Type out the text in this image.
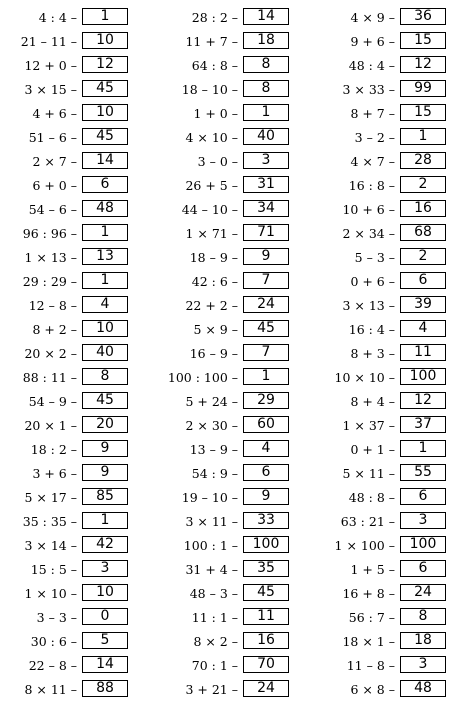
4 : 4 –	1
21 – 11 –	10
12 + 0 –	12
3 × 15 –	45
4 + 6 –	10
51 – 6 –	45
2 × 7 –	14
6 + 0 –	6
54 – 6 –	48
96 : 96 –	1
1 × 13 –	13
29 : 29 –	1
12 – 8 –	4
8 + 2 –	10
20 × 2 –	40
88 : 11 –	8
54 – 9 –	45
20 × 1 –	20
18 : 2 –	9
3 + 6 –	9
5 × 17 –	85
35 : 35 –	1
3 × 14 –	42
15 : 5 –	3
1 × 10 –	10
3 – 3 –	0
30 : 6 –	5
22 – 8 –	14
8 × 11 –	88
28 : 2 –	14
11 + 7 –	18
64 : 8 –	8
18 – 10 –	8
1 + 0 –	1
4 × 10 –	40
3 – 0 –	3
26 + 5 –	31
44 – 10 –	34
1 × 71 –	71
18 – 9 –	9
42 : 6 –	7
22 + 2 –	24
5 × 9 –	45
16 – 9 –	7
100 : 100 –	1
5 + 24 –	29
2 × 30 –	60
13 – 9 –	4
54 : 9 –	6
19 – 10 –	9
3 × 11 –	33
100 : 1 –	100
31 + 4 –	35
48 – 3 –	45
11 : 1 –	11
8 × 2 –	16
70 : 1 –	70
3 + 21 –	24
4 × 9 –	36
9 + 6 –	15
48 : 4 –	12
3 × 33 –	99
8 + 7 –	15
3 – 2 –	1
4 × 7 –	28
16 : 8 –	2
10 + 6 –	16
2 × 34 –	68
5 – 3 –	2
0 + 6 –	6
3 × 13 –	39
16 : 4 –	4
8 + 3 –	11
10 × 10 –	100
8 + 4 –	12
1 × 37 –	37
0 + 1 –	1
5 × 11 –	55
48 : 8 –	6
63 : 21 –	3
1 × 100 –	100
1 + 5 –	6
16 + 8 –	24
56 : 7 –	8
18 × 1 –	18
11 – 8 –	3
6 × 8 –	48
